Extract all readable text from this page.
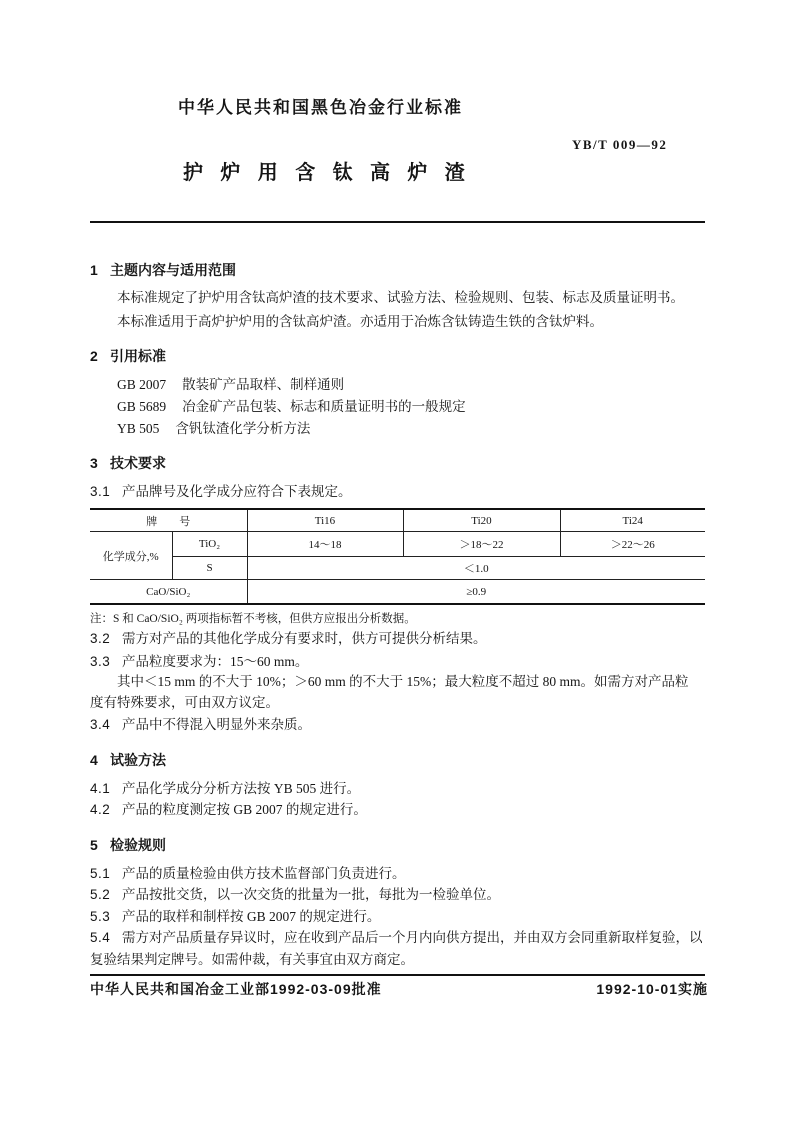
中华人民共和国黑色冶金行业标准
YB/T 009—92
护炉用含钛高炉渣
1 主题内容与适用范围
本标准规定了护炉用含钛高炉渣的技术要求、试验方法、检验规则、包装、标志及质量证明书。
本标准适用于高炉护炉用的含钛高炉渣。亦适用于冶炼含钛铸造生铁的含钛炉料。
2 引用标准
GB 2007 散装矿产品取样、制样通则
GB 5689 冶金矿产品包装、标志和质量证明书的一般规定
YB 505 含钒钛渣化学分析方法
3 技术要求
3.1 产品牌号及化学成分应符合下表规定。
牌号		Ti16	Ti20	Ti24
化学成分,%	TiO₂	14～18	＞18～22	＞22～26
	S	＜1.0		
CaO/SiO₂		≥0.9		
注：S 和 CaO/SiO₂ 两项指标暂不考核，但供方应报出分析数据。
3.2 需方对产品的其他化学成分有要求时，供方可提供分析结果。
3.3 产品粒度要求为：15～60 mm。
其中＜15 mm 的不大于 10%；＞60 mm 的不大于 15%；最大粒度不超过 80 mm。如需方对产品粒
度有特殊要求，可由双方议定。
3.4 产品中不得混入明显外来杂质。
4 试验方法
4.1 产品化学成分分析方法按 YB 505 进行。
4.2 产品的粒度测定按 GB 2007 的规定进行。
5 检验规则
5.1 产品的质量检验由供方技术监督部门负责进行。
5.2 产品按批交货，以一次交货的批量为一批，每批为一检验单位。
5.3 产品的取样和制样按 GB 2007 的规定进行。
5.4 需方对产品质量存异议时，应在收到产品后一个月内向供方提出，并由双方会同重新取样复验，以
复验结果判定牌号。如需仲裁，有关事宜由双方商定。
中华人民共和国冶金工业部1992-03-09批准	1992-10-01实施
